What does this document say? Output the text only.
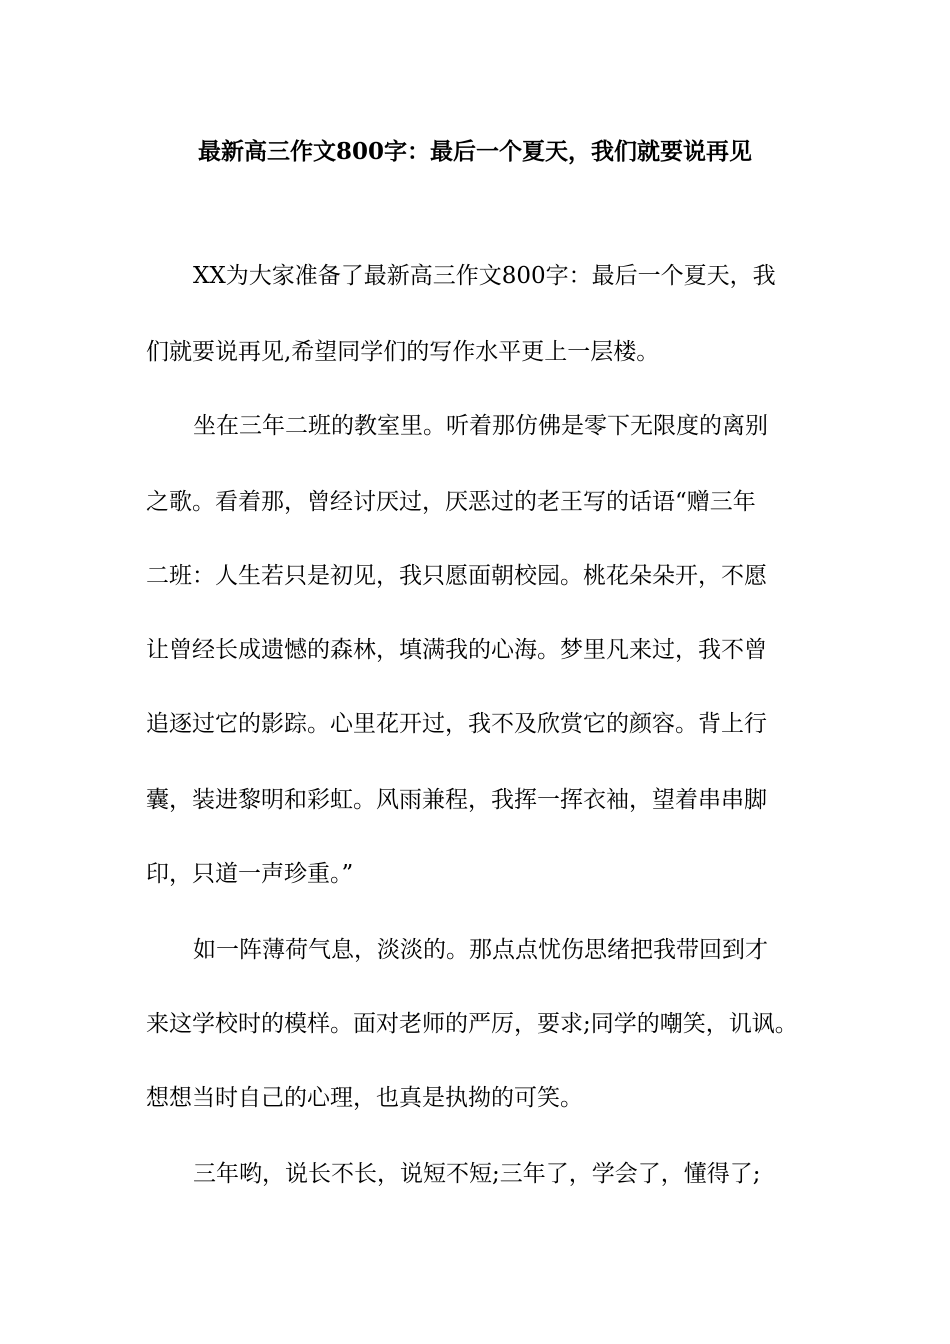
最新高三作文800字：最后一个夏天，我们就要说再见
XX为大家准备了最新高三作文800字：最后一个夏天，我
们就要说再见,希望同学们的写作水平更上一层楼。
坐在三年二班的教室里。听着那仿佛是零下无限度的离别
之歌。看着那，曾经讨厌过，厌恶过的老王写的话语“赠三年
二班：人生若只是初见，我只愿面朝校园。桃花朵朵开，不愿
让曾经长成遗憾的森林，填满我的心海。梦里凡来过，我不曾
追逐过它的影踪。心里花开过，我不及欣赏它的颜容。背上行
囊，装进黎明和彩虹。风雨兼程，我挥一挥衣袖，望着串串脚
印，只道一声珍重。”
如一阵薄荷气息，淡淡的。那点点忧伤思绪把我带回到才
来这学校时的模样。面对老师的严厉，要求;同学的嘲笑，讥讽。
想想当时自己的心理，也真是执拗的可笑。
三年哟，说长不长，说短不短;三年了，学会了，懂得了;
